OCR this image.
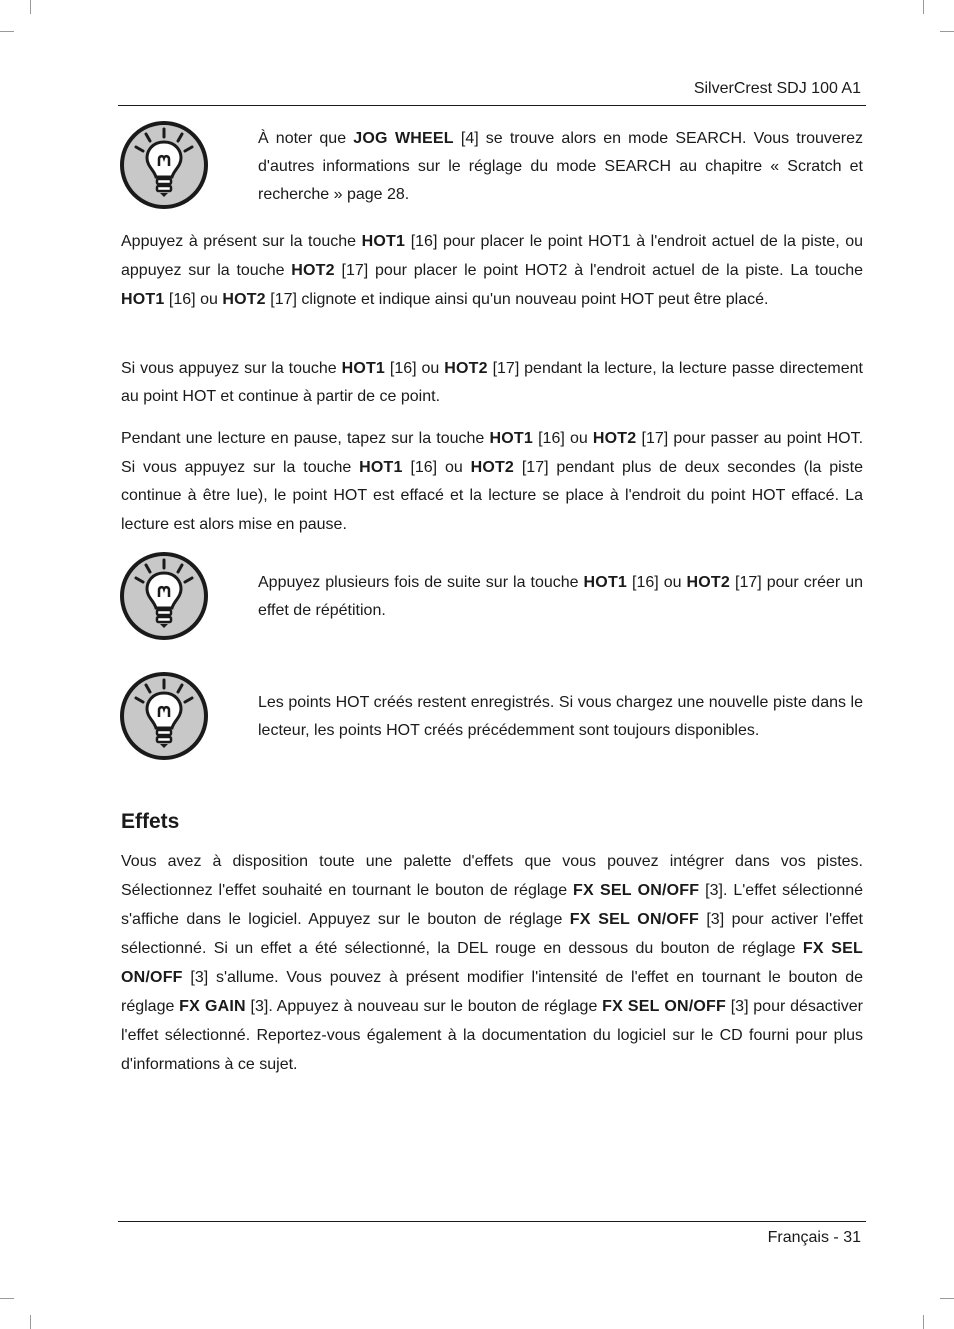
SilverCrest SDJ 100 A1

À noter que JOG WHEEL [4] se trouve alors en mode SEARCH. Vous trouverez d'autres informations sur le réglage du mode SEARCH au chapitre « Scratch et recherche » page 28.

Appuyez à présent sur la touche HOT1 [16] pour placer le point HOT1 à l'endroit actuel de la piste, ou appuyez sur la touche HOT2 [17] pour placer le point HOT2 à l'endroit actuel de la piste. La touche HOT1 [16] ou HOT2 [17] clignote et indique ainsi qu'un nouveau point HOT peut être placé.

Si vous appuyez sur la touche HOT1 [16] ou HOT2 [17] pendant la lecture, la lecture passe directement au point HOT et continue à partir de ce point.

Pendant une lecture en pause, tapez sur la touche HOT1 [16] ou HOT2 [17] pour passer au point HOT. Si vous appuyez sur la touche HOT1 [16] ou HOT2 [17] pendant plus de deux secondes (la piste continue à être lue), le point HOT est effacé et la lecture se place à l'endroit du point HOT effacé. La lecture est alors mise en pause.

Appuyez plusieurs fois de suite sur la touche HOT1 [16] ou HOT2 [17] pour créer un effet de répétition.

Les points HOT créés restent enregistrés. Si vous chargez une nouvelle piste dans le lecteur, les points HOT créés précédemment sont toujours disponibles.

Effets

Vous avez à disposition toute une palette d'effets que vous pouvez intégrer dans vos pistes. Sélectionnez l'effet souhaité en tournant le bouton de réglage FX SEL ON/OFF [3]. L'effet sélectionné s'affiche dans le logiciel. Appuyez sur le bouton de réglage FX SEL ON/OFF [3] pour activer l'effet sélectionné. Si un effet a été sélectionné, la DEL rouge en dessous du bouton de réglage FX SEL ON/OFF [3] s'allume. Vous pouvez à présent modifier l'intensité de l'effet en tournant le bouton de réglage FX GAIN [3]. Appuyez à nouveau sur le bouton de réglage FX SEL ON/OFF [3] pour désactiver l'effet sélectionné. Reportez-vous également à la documentation du logiciel sur le CD fourni pour plus d'informations à ce sujet.

Français - 31
